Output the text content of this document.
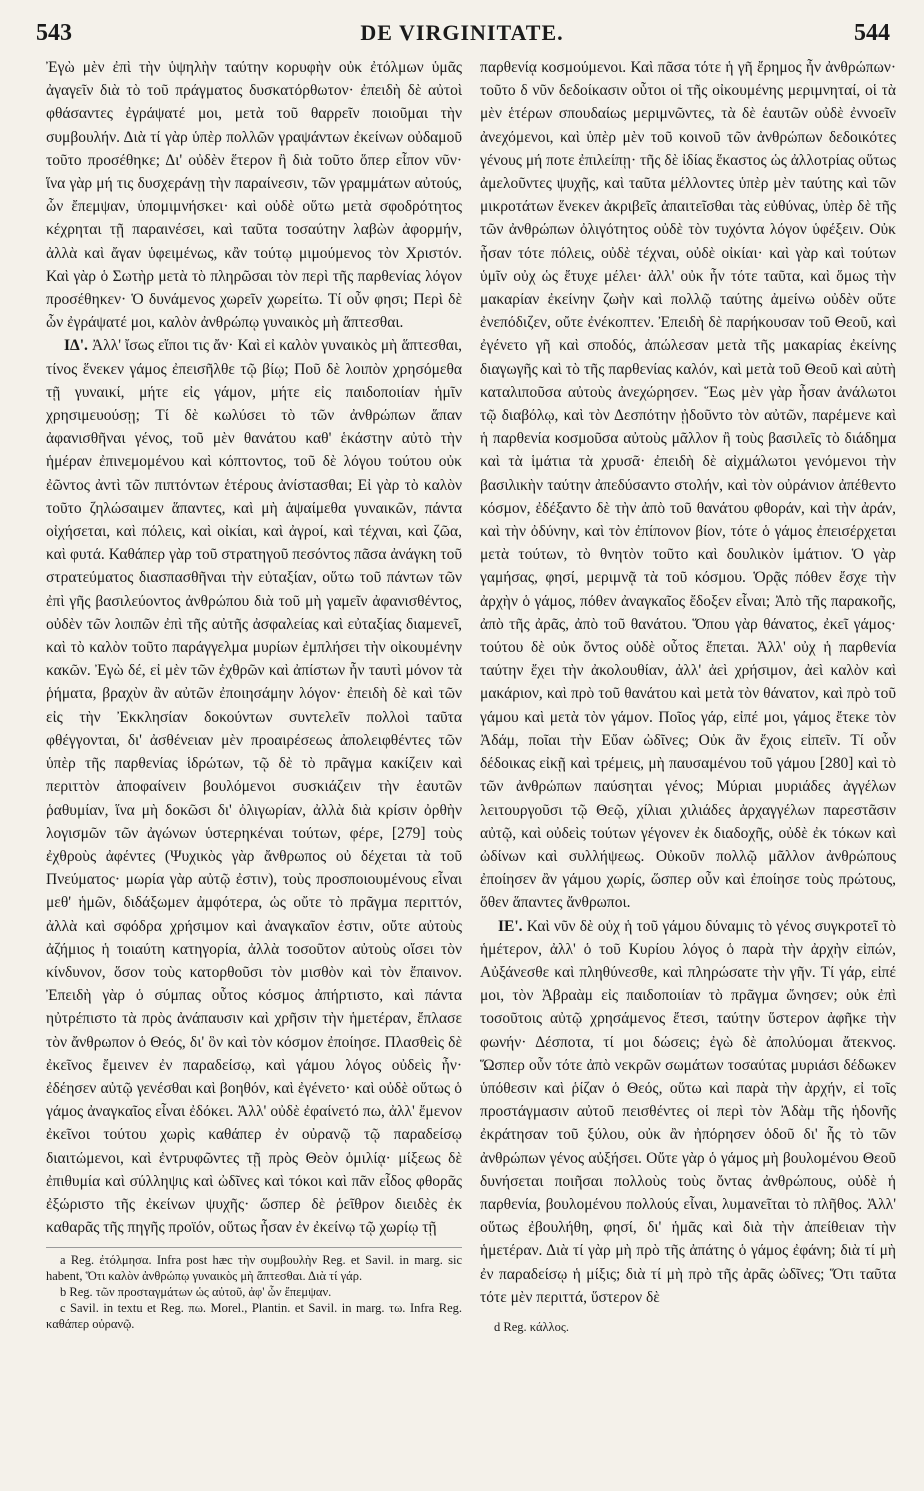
543	DE VIRGINITATE.	544

Ἐγὼ μὲν ἐπὶ τὴν ὑψηλὴν ταύτην κορυφὴν οὐκ ἐτόλμων ὑμᾶς ἀγαγεῖν διὰ τὸ τοῦ πράγματος δυσκατόρθωτον· ἐπειδὴ δὲ αὐτοὶ φθάσαντες ἐγράψατέ μοι, μετὰ τοῦ θαρρεῖν ποιοῦμαι τὴν συμβουλήν. Διὰ τί γὰρ ὑπὲρ πολλῶν γραψάντων ἐκείνων οὐδαμοῦ τοῦτο προσέθηκε; Δι' οὐδὲν ἕτερον ἢ διὰ τοῦτο ὅπερ εἶπον νῦν· ἵνα γὰρ μή τις δυσχεράνῃ τὴν παραίνεσιν, τῶν γραμμάτων αὐτούς, ὧν ἔπεμψαν, ὑπομιμνήσκει· καὶ οὐδὲ οὕτω μετὰ σφοδρότητος κέχρηται τῇ παραινέσει, καὶ ταῦτα τοσαύτην λαβὼν ἀφορμήν, ἀλλὰ καὶ ἄγαν ὑφειμένως, κἂν τούτῳ μιμούμενος τὸν Χριστόν. Καὶ γὰρ ὁ Σωτὴρ μετὰ τὸ πληρῶσαι τὸν περὶ τῆς παρθενίας λόγον προσέθηκεν· Ὁ δυνάμενος χωρεῖν χωρείτω. Τί οὖν φησι; Περὶ δὲ ὧν ἐγράψατέ μοι, καλὸν ἀνθρώπῳ γυναικὸς μὴ ἅπτεσθαι.

ΙΔ'. Ἀλλ' ἴσως εἴποι τις ἄν· Καὶ εἰ καλὸν γυναικὸς μὴ ἅπτεσθαι, τίνος ἕνεκεν γάμος ἐπεισῆλθε τῷ βίῳ; Ποῦ δὲ λοιπὸν χρησόμεθα τῇ γυναικί, μήτε εἰς γάμον, μήτε εἰς παιδοποιίαν ἡμῖν χρησιμευούσῃ; Τί δὲ κωλύσει τὸ τῶν ἀνθρώπων ἅπαν ἀφανισθῆναι γένος, τοῦ μὲν θανάτου καθ' ἑκάστην αὐτὸ τὴν ἡμέραν ἐπινεμομένου καὶ κόπτοντος, τοῦ δὲ λόγου τούτου οὐκ ἐῶντος ἀντὶ τῶν πιπτόντων ἑτέρους ἀνίστασθαι; Εἰ γὰρ τὸ καλὸν τοῦτο ζηλώσαιμεν ἅπαντες, καὶ μὴ ἁψαίμεθα γυναικῶν, πάντα οἰχήσεται, καὶ πόλεις, καὶ οἰκίαι, καὶ ἀγροί, καὶ τέχναι, καὶ ζῶα, καὶ φυτά. Καθάπερ γὰρ τοῦ στρατηγοῦ πεσόντος πᾶσα ἀνάγκη τοῦ στρατεύματος διασπασθῆναι τὴν εὐταξίαν, οὕτω τοῦ πάντων τῶν ἐπὶ γῆς βασιλεύοντος ἀνθρώπου διὰ τοῦ μὴ γαμεῖν ἀφανισθέντος, οὐδὲν τῶν λοιπῶν ἐπὶ τῆς αὐτῆς ἀσφαλείας καὶ εὐταξίας διαμενεῖ, καὶ τὸ καλὸν τοῦτο παράγγελμα μυρίων ἐμπλήσει τὴν οἰκουμένην κακῶν. Ἐγὼ δέ, εἰ μὲν τῶν ἐχθρῶν καὶ ἀπίστων ἦν ταυτὶ μόνον τὰ ῥήματα, βραχὺν ἂν αὐτῶν ἐποιησάμην λόγον· ἐπειδὴ δὲ καὶ τῶν εἰς τὴν Ἐκκλησίαν δοκούντων συντελεῖν πολλοὶ ταῦτα φθέγγονται, δι' ἀσθένειαν μὲν προαιρέσεως ἀπολειφθέντες τῶν ὑπὲρ τῆς παρθενίας ἱδρώτων, τῷ δὲ τὸ πρᾶγμα κακίζειν καὶ περιττὸν ἀποφαίνειν βουλόμενοι συσκιάζειν τὴν ἑαυτῶν ῥαθυμίαν, ἵνα μὴ δοκῶσι δι' ὀλιγωρίαν, ἀλλὰ διὰ κρίσιν ὀρθὴν λογισμῶν τῶν ἀγώνων ὑστερηκέναι τούτων, φέρε, [279] τοὺς ἐχθροὺς ἀφέντες (Ψυχικὸς γὰρ ἄνθρωπος οὐ δέχεται τὰ τοῦ Πνεύματος· μωρία γὰρ αὐτῷ ἐστιν), τοὺς προσποιουμένους εἶναι μεθ' ἡμῶν, διδάξωμεν ἀμφότερα, ὡς οὔτε τὸ πρᾶγμα περιττόν, ἀλλὰ καὶ σφόδρα χρήσιμον καὶ ἀναγκαῖον ἐστιν, οὔτε αὐτοὺς ἀζήμιος ἡ τοιαύτη κατηγορία, ἀλλὰ τοσοῦτον αὐτοὺς οἴσει τὸν κίνδυνον, ὅσον τοὺς κατορθοῦσι τὸν μισθὸν καὶ τὸν ἔπαινον. Ἐπειδὴ γὰρ ὁ σύμπας οὗτος κόσμος ἀπήρτιστο, καὶ πάντα ηὐτρέπιστο τὰ πρὸς ἀνάπαυσιν καὶ χρῆσιν τὴν ἡμετέραν, ἔπλασε τὸν ἄνθρωπον ὁ Θεός, δι' ὃν καὶ τὸν κόσμον ἐποίησε. Πλασθεὶς δὲ ἐκεῖνος ἔμεινεν ἐν παραδείσῳ, καὶ γάμου λόγος οὐδεὶς ἦν· ἐδέησεν αὐτῷ γενέσθαι καὶ βοηθόν, καὶ ἐγένετο· καὶ οὐδὲ οὕτως ὁ γάμος ἀναγκαῖος εἶναι ἐδόκει. Ἀλλ' οὐδὲ ἐφαίνετό πω, ἀλλ' ἔμενον ἐκεῖνοι τούτου χωρὶς καθάπερ ἐν οὐρανῷ τῷ παραδείσῳ διαιτώμενοι, καὶ ἐντρυφῶντες τῇ πρὸς Θεὸν ὁμιλίᾳ· μίξεως δὲ ἐπιθυμία καὶ σύλληψις καὶ ὠδῖνες καὶ τόκοι καὶ πᾶν εἶδος φθορᾶς ἐξώριστο τῆς ἐκείνων ψυχῆς· ὥσπερ δὲ ῥεῖθρον διειδὲς ἐκ καθαρᾶς τῆς πηγῆς προϊόν, οὕτως ἦσαν ἐν ἐκείνῳ τῷ χωρίῳ τῇ

a Reg. ἐτόλμησα. Infra post hæc τὴν συμβουλὴν Reg. et Savil. in marg. sic habent, Ὅτι καλὸν ἀνθρώπῳ γυναικὸς μὴ ἅπτεσθαι. Διὰ τί γάρ.

b Reg. τῶν προσταγμάτων ὡς αὐτοῦ, ἀφ' ὧν ἔπεμψαν.

c Savil. in textu et Reg. πω. Morel., Plantin. et Savil. in marg. τω. Infra Reg. καθάπερ οὐρανῷ.

παρθενίᾳ κοσμούμενοι. Καὶ πᾶσα τότε ἡ γῆ ἔρημος ἦν ἀνθρώπων· τοῦτο δ νῦν δεδοίκασιν οὗτοι οἱ τῆς οἰκουμένης μεριμνηταί, οἱ τὰ μὲν ἑτέρων σπουδαίως μεριμνῶντες, τὰ δὲ ἑαυτῶν οὐδὲ ἐννοεῖν ἀνεχόμενοι, καὶ ὑπὲρ μὲν τοῦ κοινοῦ τῶν ἀνθρώπων δεδοικότες γένους μή ποτε ἐπιλείπῃ· τῆς δὲ ἰδίας ἕκαστος ὡς ἀλλοτρίας οὕτως ἀμελοῦντες ψυχῆς, καὶ ταῦτα μέλλοντες ὑπὲρ μὲν ταύτης καὶ τῶν μικροτάτων ἕνεκεν ἀκριβεῖς ἀπαιτεῖσθαι τὰς εὐθύνας, ὑπὲρ δὲ τῆς τῶν ἀνθρώπων ὀλιγότητος οὐδὲ τὸν τυχόντα λόγον ὑφέξειν. Οὐκ ἦσαν τότε πόλεις, οὐδὲ τέχναι, οὐδὲ οἰκίαι· καὶ γὰρ καὶ τούτων ὑμῖν οὐχ ὡς ἔτυχε μέλει· ἀλλ' οὐκ ἦν τότε ταῦτα, καὶ ὅμως τὴν μακαρίαν ἐκείνην ζωὴν καὶ πολλῷ ταύτης ἀμείνω οὐδὲν οὔτε ἐνεπόδιζεν, οὔτε ἐνέκοπτεν. Ἐπειδὴ δὲ παρήκουσαν τοῦ Θεοῦ, καὶ ἐγένετο γῆ καὶ σποδός, ἀπώλεσαν μετὰ τῆς μακαρίας ἐκείνης διαγωγῆς καὶ τὸ τῆς παρθενίας καλόν, καὶ μετὰ τοῦ Θεοῦ καὶ αὐτὴ καταλιποῦσα αὐτοὺς ἀνεχώρησεν. Ἕως μὲν γὰρ ἦσαν ἀνάλωτοι τῷ διαβόλῳ, καὶ τὸν Δεσπότην ᾐδοῦντο τὸν αὐτῶν, παρέμενε καὶ ἡ παρθενία κοσμοῦσα αὐτοὺς μᾶλλον ἢ τοὺς βασιλεῖς τὸ διάδημα καὶ τὰ ἱμάτια τὰ χρυσᾶ· ἐπειδὴ δὲ αἰχμάλωτοι γενόμενοι τὴν βασιλικὴν ταύτην ἀπεδύσαντο στολήν, καὶ τὸν οὐράνιον ἀπέθεντο κόσμον, ἐδέξαντο δὲ τὴν ἀπὸ τοῦ θανάτου φθοράν, καὶ τὴν ἀράν, καὶ τὴν ὀδύνην, καὶ τὸν ἐπίπονον βίον, τότε ὁ γάμος ἐπεισέρχεται μετὰ τούτων, τὸ θνητὸν τοῦτο καὶ δουλικὸν ἱμάτιον. Ὁ γὰρ γαμήσας, φησί, μεριμνᾷ τὰ τοῦ κόσμου. Ὁρᾷς πόθεν ἔσχε τὴν ἀρχὴν ὁ γάμος, πόθεν ἀναγκαῖος ἔδοξεν εἶναι; Ἀπὸ τῆς παρακοῆς, ἀπὸ τῆς ἀρᾶς, ἀπὸ τοῦ θανάτου. Ὅπου γὰρ θάνατος, ἐκεῖ γάμος· τούτου δὲ οὐκ ὄντος οὐδὲ οὗτος ἕπεται. Ἀλλ' οὐχ ἡ παρθενία ταύτην ἔχει τὴν ἀκολουθίαν, ἀλλ' ἀεὶ χρήσιμον, ἀεὶ καλὸν καὶ μακάριον, καὶ πρὸ τοῦ θανάτου καὶ μετὰ τὸν θάνατον, καὶ πρὸ τοῦ γάμου καὶ μετὰ τὸν γάμον. Ποῖος γάρ, εἰπέ μοι, γάμος ἔτεκε τὸν Ἀδάμ, ποῖαι τὴν Εὔαν ὠδῖνες; Οὐκ ἂν ἔχοις εἰπεῖν. Τί οὖν δέδοικας εἰκῇ καὶ τρέμεις, μὴ παυσαμένου τοῦ γάμου [280] καὶ τὸ τῶν ἀνθρώπων παύσηται γένος; Μύριαι μυριάδες ἀγγέλων λειτουργοῦσι τῷ Θεῷ, χίλιαι χιλιάδες ἀρχαγγέλων παρεστᾶσιν αὐτῷ, καὶ οὐδεὶς τούτων γέγονεν ἐκ διαδοχῆς, οὐδὲ ἐκ τόκων καὶ ὠδίνων καὶ συλλήψεως. Οὐκοῦν πολλῷ μᾶλλον ἀνθρώπους ἐποίησεν ἂν γάμου χωρίς, ὥσπερ οὖν καὶ ἐποίησε τοὺς πρώτους, ὅθεν ἅπαντες ἄνθρωποι.

ΙΕ'. Καὶ νῦν δὲ οὐχ ἡ τοῦ γάμου δύναμις τὸ γένος συγκροτεῖ τὸ ἡμέτερον, ἀλλ' ὁ τοῦ Κυρίου λόγος ὁ παρὰ τὴν ἀρχὴν εἰπών, Αὐξάνεσθε καὶ πληθύνεσθε, καὶ πληρώσατε τὴν γῆν. Τί γάρ, εἰπέ μοι, τὸν Ἀβραὰμ εἰς παιδοποιίαν τὸ πρᾶγμα ὤνησεν; οὐκ ἐπὶ τοσοῦτοις αὐτῷ χρησάμενος ἔτεσι, ταύτην ὕστερον ἀφῆκε τὴν φωνήν· Δέσποτα, τί μοι δώσεις; ἐγὼ δὲ ἀπολύομαι ἄτεκνος. Ὥσπερ οὖν τότε ἀπὸ νεκρῶν σωμάτων τοσαύτας μυριάσι δέδωκεν ὑπόθεσιν καὶ ῥίζαν ὁ Θεός, οὕτω καὶ παρὰ τὴν ἀρχήν, εἰ τοῖς προστάγμασιν αὐτοῦ πεισθέντες οἱ περὶ τὸν Ἀδὰμ τῆς ἡδονῆς ἐκράτησαν τοῦ ξύλου, οὐκ ἂν ἠπόρησεν ὁδοῦ δι' ἧς τὸ τῶν ἀνθρώπων γένος αὐξήσει. Οὔτε γὰρ ὁ γάμος μὴ βουλομένου Θεοῦ δυνήσεται ποιῆσαι πολλοὺς τοὺς ὄντας ἀνθρώπους, οὐδὲ ἡ παρθενία, βουλομένου πολλούς εἶναι, λυμανεῖται τὸ πλῆθος. Ἀλλ' οὕτως ἐβουλήθη, φησί, δι' ἡμᾶς καὶ διὰ τὴν ἀπείθειαν τὴν ἡμετέραν. Διὰ τί γὰρ μὴ πρὸ τῆς ἀπάτης ὁ γάμος ἐφάνη; διὰ τί μὴ ἐν παραδείσῳ ἡ μίξις; διὰ τί μὴ πρὸ τῆς ἀρᾶς ὠδῖνες; Ὅτι ταῦτα τότε μὲν περιττά, ὕστερον δὲ

d Reg. κάλλος.
